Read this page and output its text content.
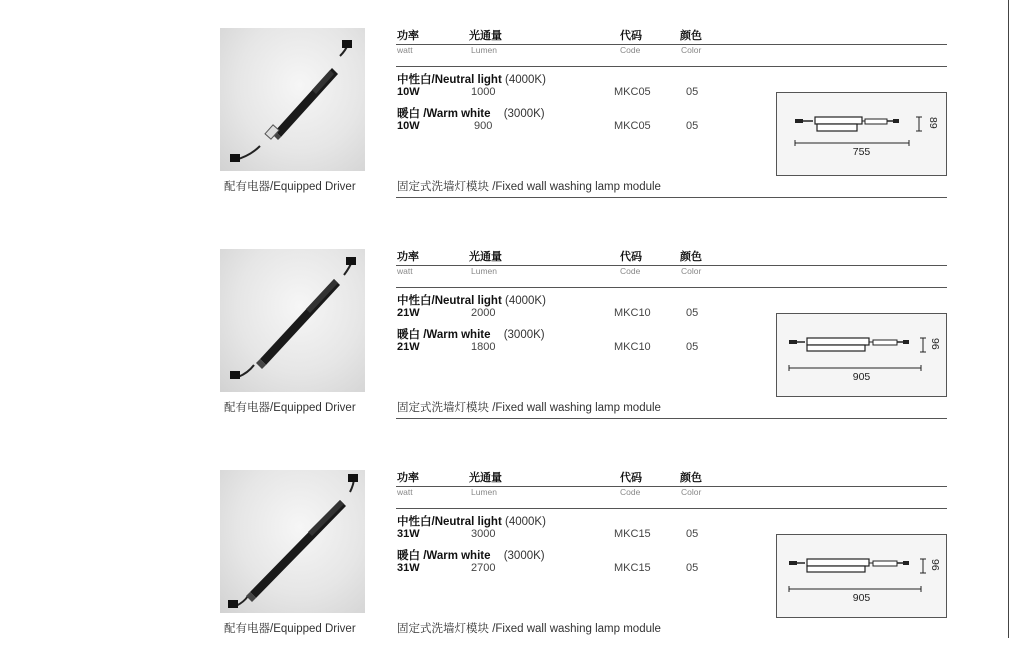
配有电器/Equipped Driver
功率	光通量	代码	颜色
watt	Lumen	Code	Color
中性白/Neutral light (4000K)
10W	1000	MKC05	05
暖白 /Warm white (3000K)
10W	900	MKC05	05
755
89
固定式洗墙灯模块 /Fixed wall washing lamp module
配有电器/Equipped Driver
功率	光通量	代码	颜色
watt	Lumen	Code	Color
中性白/Neutral light (4000K)
21W	2000	MKC10	05
暖白 /Warm white (3000K)
21W	1800	MKC10	05
905
96
固定式洗墙灯模块 /Fixed wall washing lamp module
配有电器/Equipped Driver
功率	光通量	代码	颜色
watt	Lumen	Code	Color
中性白/Neutral light (4000K)
31W	3000	MKC15	05
暖白 /Warm white (3000K)
31W	2700	MKC15	05
905
96
固定式洗墙灯模块 /Fixed wall washing lamp module
